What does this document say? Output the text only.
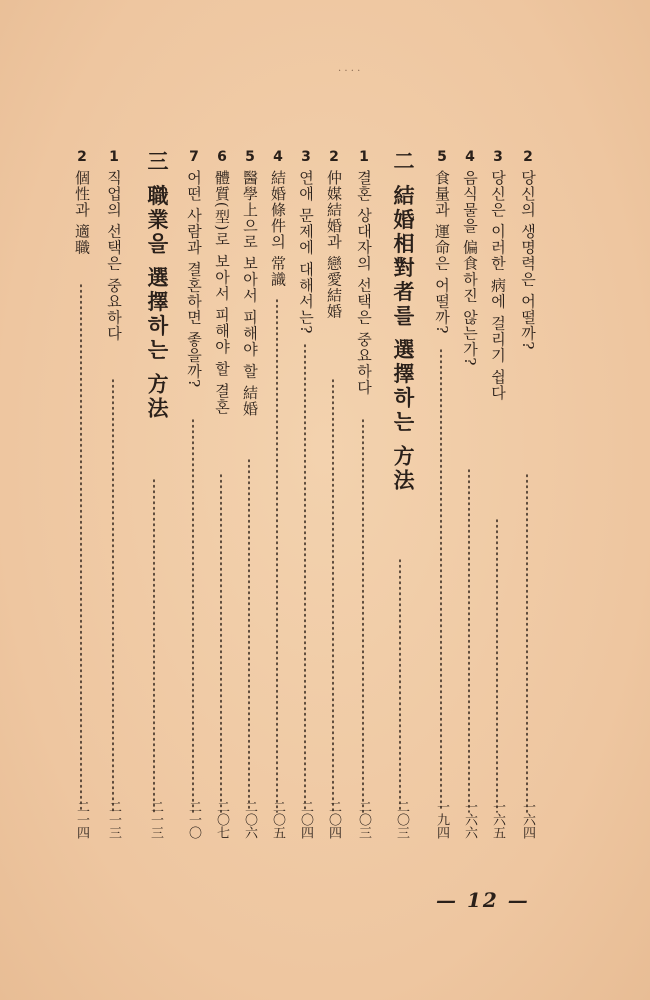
. . . .
2 당신의 생명력은 어떨까?
3 당신은 이러한 病에 걸리기 쉽다
4 음식물을 偏食하진 않는가?
5 食量과 運命은 어떨까?
二 結婚相對者를 選擇하는 方法
1 결혼 상대자의 선택은 중요하다
2 仲媒結婚과 戀愛結婚
3 연애 문제에 대해서는?
4 結婚條件의 常識
5 醫學上으로 보아서 피해야 할 結婚
6 體質(型)로 보아서 피해야 할 결혼
7 어떤 사람과 결혼하면 좋을까?
三 職業을 選擇하는 方法
1 직업의 선택은 중요하다
2 個性과 適職
一六四
一六五
一六六
一九四
二〇三
二〇三
二〇四
二〇四
二〇五
二〇六
二〇七
二一〇
二一三
二一三
二一四
— 12 —
